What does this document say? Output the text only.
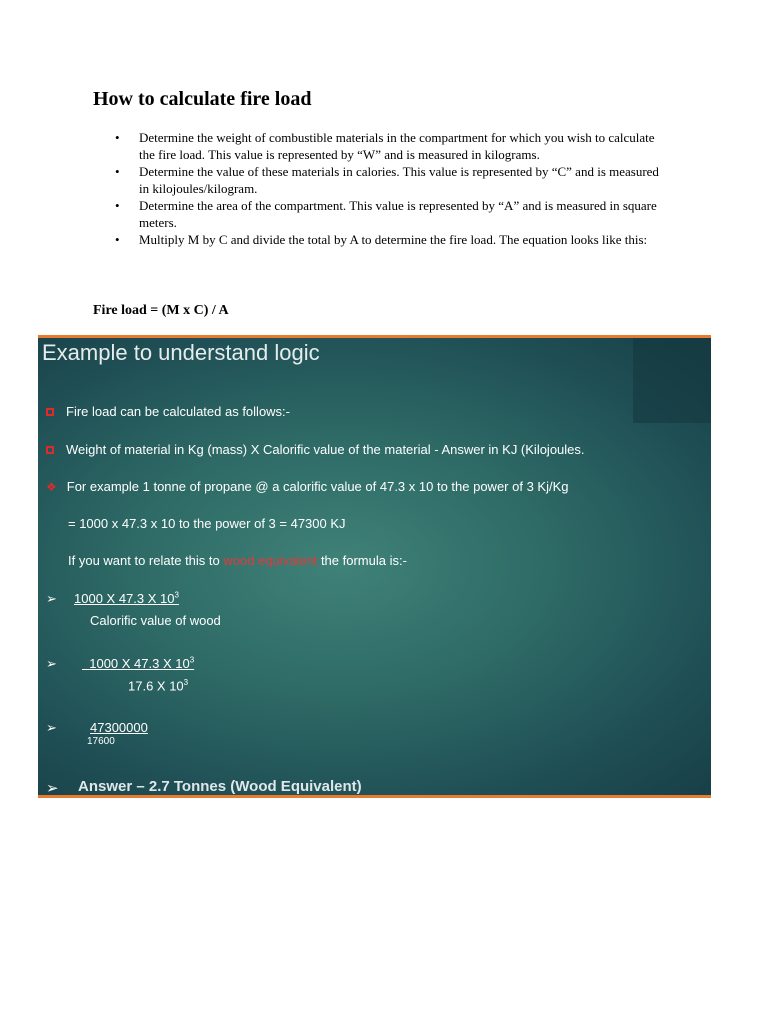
How to calculate fire load
• Determine the weight of combustible materials in the compartment for which you wish to calculate the fire load. This value is represented by “W” and is measured in kilograms.
• Determine the value of these materials in calories. This value is represented by “C” and is measured in kilojoules/kilogram.
• Determine the area of the compartment. This value is represented by “A” and is measured in square meters.
• Multiply M by C and divide the total by A to determine the fire load. The equation looks like this:
Fire load = (M x C) / A
Example to understand logic
Fire load can be calculated as follows:-
Weight of material in Kg (mass) X Calorific value of the material - Answer in KJ (Kilojoules.
❖ For example 1 tonne of propane @ a calorific value of 47.3 x 10 to the power of 3 Kj/Kg
= 1000 x 47.3 x 10 to the power of 3 = 47300 KJ
If you want to relate this to wood equivalent the formula is:-
➢ 1000 X 47.3 X $10^3$
Calorific value of wood
➢	1000 X 47.3 X $10^3$
17.6 X $10^3$
➢	47300000
17600
➢ Answer – 2.7 Tonnes (Wood Equivalent)
